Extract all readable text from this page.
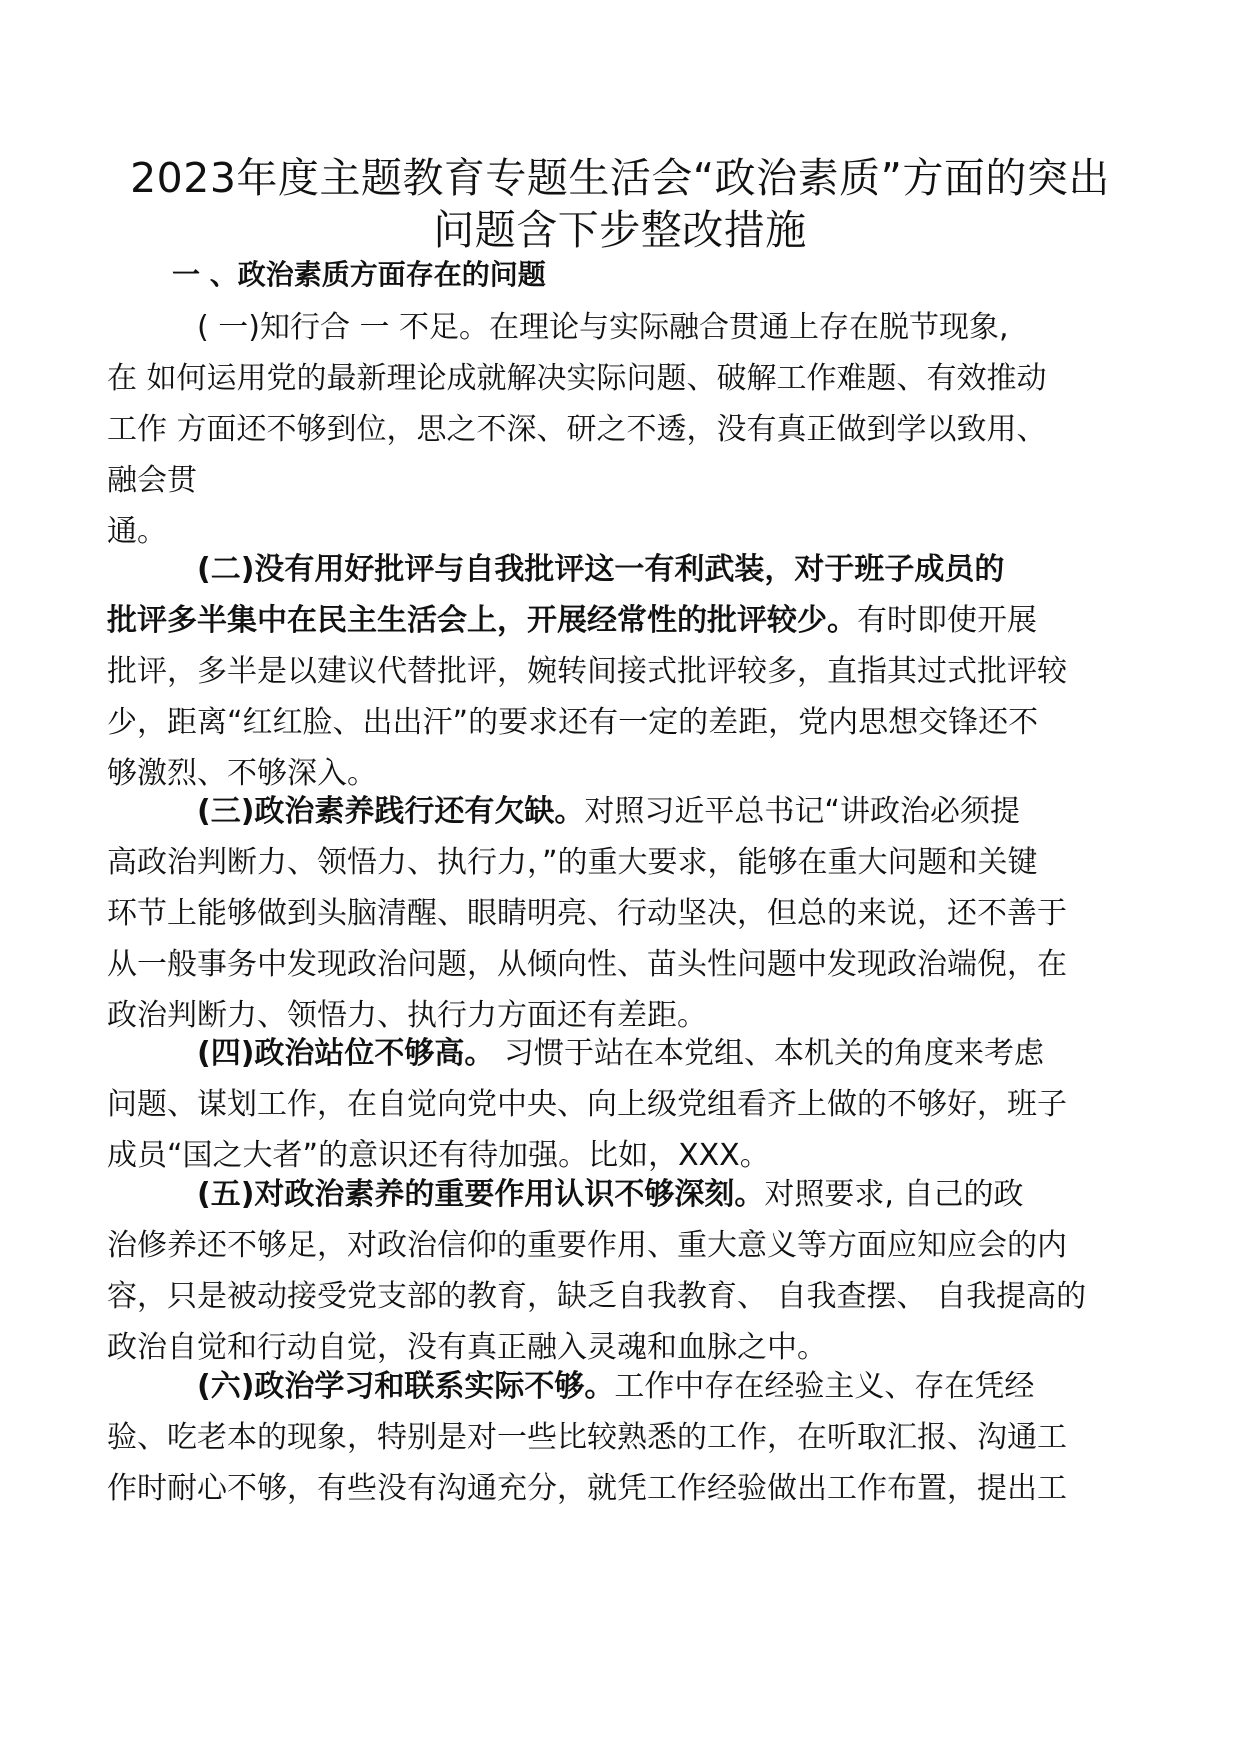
2023年度主题教育专题生活会“政治素质”方面的突出
问题含下步整改措施
一 、政治素质方面存在的问题
( 一)知行合 一 不足。在理论与实际融合贯通上存在脱节现象,
在 如何运用党的最新理论成就解决实际问题、破解工作难题、有效推动
工作 方面还不够到位，思之不深、研之不透，没有真正做到学以致用、
融会贯
通。
(二)没有用好批评与自我批评这一有利武装，对于班子成员的
批评多半集中在民主生活会上，开展经常性的批评较少。有时即使开展
批评，多半是以建议代替批评，婉转间接式批评较多，直指其过式批评较
少，距离“红红脸、出出汗”的要求还有一定的差距，党内思想交锋还不
够激烈、不够深入。
(三)政治素养践行还有欠缺。对照习近平总书记“讲政治必须提
高政治判断力、领悟力、执行力，”的重大要求，能够在重大问题和关键
环节上能够做到头脑清醒、眼睛明亮、行动坚决，但总的来说，还不善于
从一般事务中发现政治问题，从倾向性、苗头性问题中发现政治端倪，在
政治判断力、领悟力、执行力方面还有差距。
(四)政治站位不够高。 习惯于站在本党组、本机关的角度来考虑
问题、谋划工作，在自觉向党中央、向上级党组看齐上做的不够好，班子
成员“国之大者”的意识还有待加强。比如，XXX。
(五)对政治素养的重要作用认识不够深刻。对照要求, 自己的政
治修养还不够足，对政治信仰的重要作用、重大意义等方面应知应会的内
容，只是被动接受党支部的教育，缺乏自我教育、 自我查摆、 自我提高的
政治自觉和行动自觉，没有真正融入灵魂和血脉之中。
(六)政治学习和联系实际不够。工作中存在经验主义、存在凭经
验、吃老本的现象，特别是对一些比较熟悉的工作，在听取汇报、沟通工
作时耐心不够，有些没有沟通充分，就凭工作经验做出工作布置，提出工
